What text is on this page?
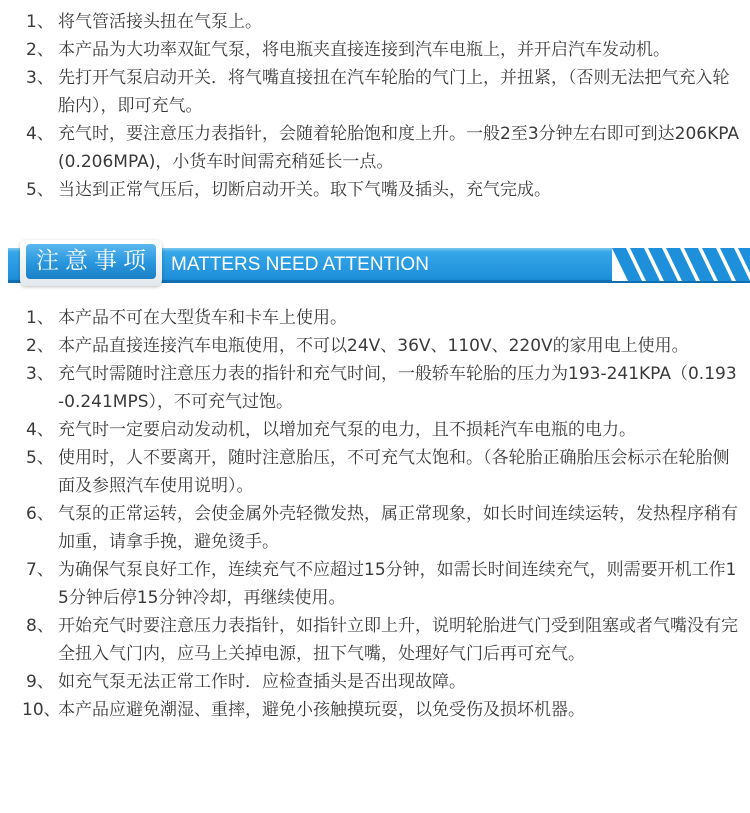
1、 将气管活接头扭在气泵上。
2、 本产品为大功率双缸气泵，将电瓶夹直接连接到汽车电瓶上，并开启汽车发动机。
3、 先打开气泵启动开关．将气嘴直接扭在汽车轮胎的气门上，并扭紧，（否则无法把气充入轮胎内），即可充气。
4、 充气时，要注意压力表指针，会随着轮胎饱和度上升。一般2至3分钟左右即可到达206KPA(0.206MPA)，小货车时间需充稍延长一点。
5、 当达到正常气压后，切断启动开关。取下气嘴及插头，充气完成。
注意事项 MATTERS NEED ATTENTION
1、 本产品不可在大型货车和卡车上使用。
2、 本产品直接连接汽车电瓶使用，不可以24V、36V、110V、220V的家用电上使用。
3、 充气时需随时注意压力表的指针和充气时间，一般轿车轮胎的压力为193-241KPA（0.193-0.241MPS），不可充气过饱。
4、 充气时一定要启动发动机，以增加充气泵的电力，且不损耗汽车电瓶的电力。
5、 使用时，人不要离开，随时注意胎压，不可充气太饱和。（各轮胎正确胎压会标示在轮胎侧面及参照汽车使用说明）。
6、 气泵的正常运转，会使金属外壳轻微发热，属正常现象，如长时间连续运转，发热程序稍有加重，请拿手挽，避免烫手。
7、 为确保气泵良好工作，连续充气不应超过15分钟，如需长时间连续充气，则需要开机工作15分钟后停15分钟冷却，再继续使用。
8、 开始充气时要注意压力表指针，如指针立即上升，说明轮胎进气门受到阻塞或者气嘴没有完全扭入气门内，应马上关掉电源，扭下气嘴，处理好气门后再可充气。
9、 如充气泵无法正常工作时．应检查插头是否出现故障。
10、
本产品应避免潮湿、重摔，避免小孩触摸玩耍，以免受伤及损坏机器。
